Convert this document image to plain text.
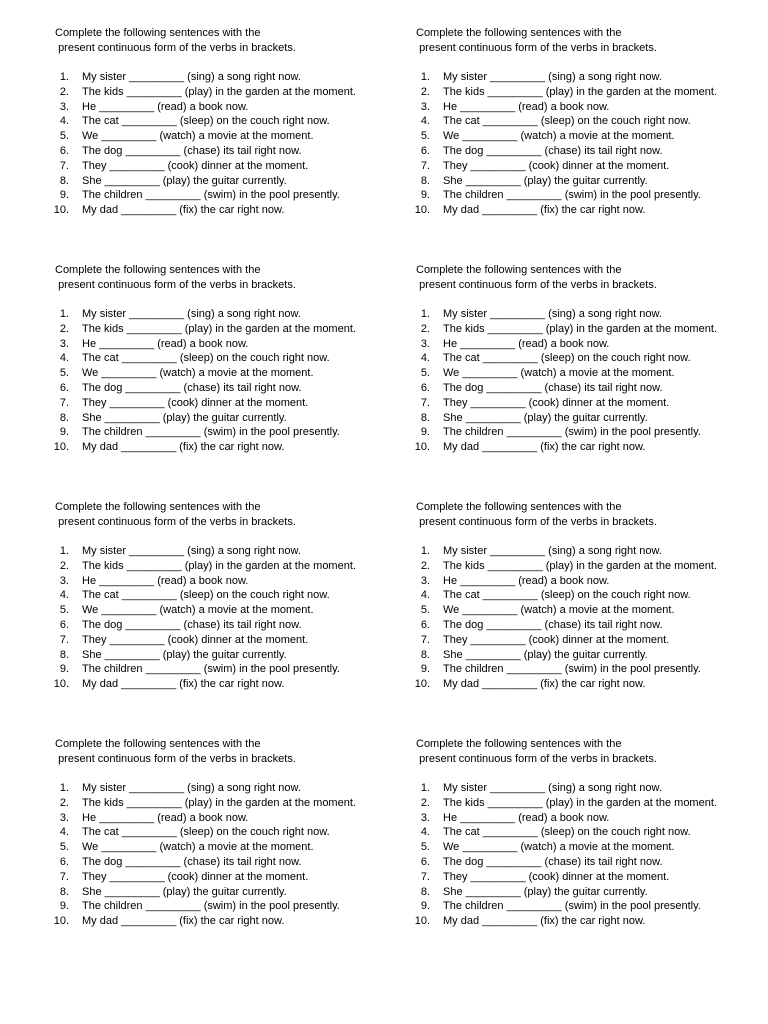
Complete the following sentences with the
present continuous form of the verbs in brackets.

1. My sister _________ (sing) a song right now.
2. The kids _________ (play) in the garden at the moment.
3. He _________ (read) a book now.
4. The cat _________ (sleep) on the couch right now.
5. We _________ (watch) a movie at the moment.
6. The dog _________ (chase) its tail right now.
7. They _________ (cook) dinner at the moment.
8. She _________ (play) the guitar currently.
9. The children _________ (swim) in the pool presently.
10. My dad _________ (fix) the car right now.

Complete the following sentences with the
present continuous form of the verbs in brackets.

1. My sister _________ (sing) a song right now.
2. The kids _________ (play) in the garden at the moment.
3. He _________ (read) a book now.
4. The cat _________ (sleep) on the couch right now.
5. We _________ (watch) a movie at the moment.
6. The dog _________ (chase) its tail right now.
7. They _________ (cook) dinner at the moment.
8. She _________ (play) the guitar currently.
9. The children _________ (swim) in the pool presently.
10. My dad _________ (fix) the car right now.

Complete the following sentences with the
present continuous form of the verbs in brackets.

1. My sister _________ (sing) a song right now.
2. The kids _________ (play) in the garden at the moment.
3. He _________ (read) a book now.
4. The cat _________ (sleep) on the couch right now.
5. We _________ (watch) a movie at the moment.
6. The dog _________ (chase) its tail right now.
7. They _________ (cook) dinner at the moment.
8. She _________ (play) the guitar currently.
9. The children _________ (swim) in the pool presently.
10. My dad _________ (fix) the car right now.

Complete the following sentences with the
present continuous form of the verbs in brackets.

1. My sister _________ (sing) a song right now.
2. The kids _________ (play) in the garden at the moment.
3. He _________ (read) a book now.
4. The cat _________ (sleep) on the couch right now.
5. We _________ (watch) a movie at the moment.
6. The dog _________ (chase) its tail right now.
7. They _________ (cook) dinner at the moment.
8. She _________ (play) the guitar currently.
9. The children _________ (swim) in the pool presently.
10. My dad _________ (fix) the car right now.

Complete the following sentences with the
present continuous form of the verbs in brackets.

1. My sister _________ (sing) a song right now.
2. The kids _________ (play) in the garden at the moment.
3. He _________ (read) a book now.
4. The cat _________ (sleep) on the couch right now.
5. We _________ (watch) a movie at the moment.
6. The dog _________ (chase) its tail right now.
7. They _________ (cook) dinner at the moment.
8. She _________ (play) the guitar currently.
9. The children _________ (swim) in the pool presently.
10. My dad _________ (fix) the car right now.

Complete the following sentences with the
present continuous form of the verbs in brackets.

1. My sister _________ (sing) a song right now.
2. The kids _________ (play) in the garden at the moment.
3. He _________ (read) a book now.
4. The cat _________ (sleep) on the couch right now.
5. We _________ (watch) a movie at the moment.
6. The dog _________ (chase) its tail right now.
7. They _________ (cook) dinner at the moment.
8. She _________ (play) the guitar currently.
9. The children _________ (swim) in the pool presently.
10. My dad _________ (fix) the car right now.

Complete the following sentences with the
present continuous form of the verbs in brackets.

1. My sister _________ (sing) a song right now.
2. The kids _________ (play) in the garden at the moment.
3. He _________ (read) a book now.
4. The cat _________ (sleep) on the couch right now.
5. We _________ (watch) a movie at the moment.
6. The dog _________ (chase) its tail right now.
7. They _________ (cook) dinner at the moment.
8. She _________ (play) the guitar currently.
9. The children _________ (swim) in the pool presently.
10. My dad _________ (fix) the car right now.

Complete the following sentences with the
present continuous form of the verbs in brackets.

1. My sister _________ (sing) a song right now.
2. The kids _________ (play) in the garden at the moment.
3. He _________ (read) a book now.
4. The cat _________ (sleep) on the couch right now.
5. We _________ (watch) a movie at the moment.
6. The dog _________ (chase) its tail right now.
7. They _________ (cook) dinner at the moment.
8. She _________ (play) the guitar currently.
9. The children _________ (swim) in the pool presently.
10. My dad _________ (fix) the car right now.
